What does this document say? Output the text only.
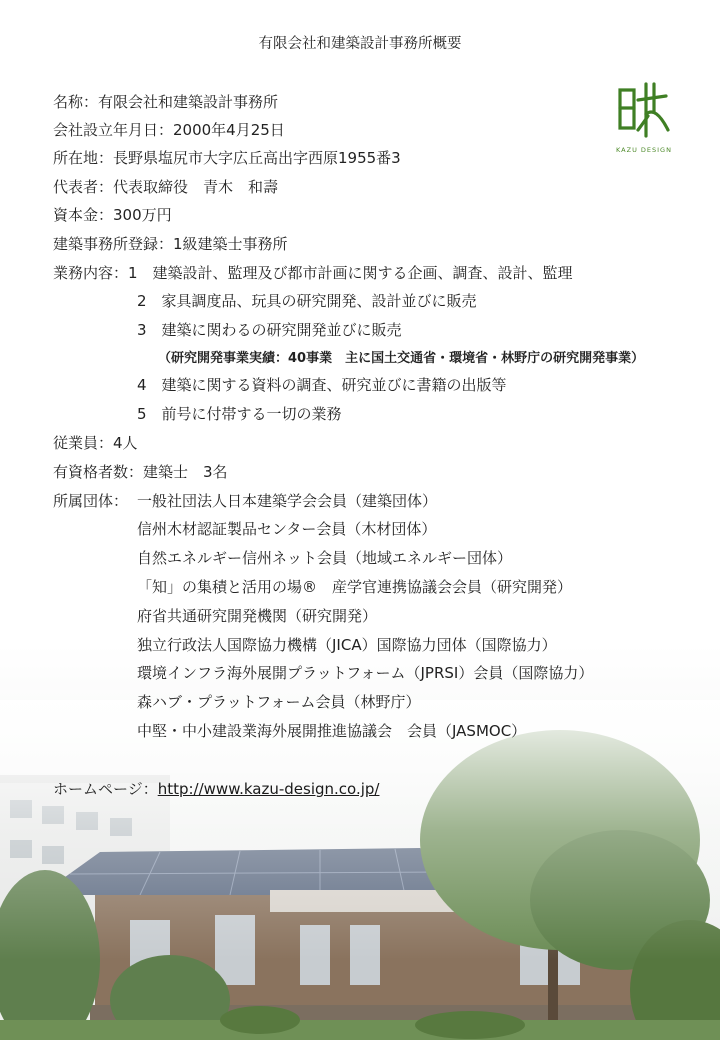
有限会社和建築設計事務所概要
KAZU DESIGN
名称：有限会社和建築設計事務所
会社設立年月日：2000年4月25日
所在地：長野県塩尻市大字広丘高出字西原1955番3
代表者：代表取締役　青木　和壽
資本金：300万円
建築事務所登録：1級建築士事務所
業務内容：1　建築設計、監理及び都市計画に関する企画、調査、設計、監理
2　家具調度品、玩具の研究開発、設計並びに販売
3　建築に関わるの研究開発並びに販売
（研究開発事業実績：40事業　主に国土交通省・環境省・林野庁の研究開発事業）
4　建築に関する資料の調査、研究並びに書籍の出版等
5　前号に付帯する一切の業務
従業員：4人
有資格者数：建築士　3名
所属団体： 一般社団法人日本建築学会会員（建築団体）
信州木材認証製品センター会員（木材団体）
自然エネルギー信州ネット会員（地域エネルギー団体）
「知」の集積と活用の場®　産学官連携協議会会員（研究開発）
府省共通研究開発機関（研究開発）
独立行政法人国際協力機構（JICA）国際協力団体（国際協力）
環境インフラ海外展開プラットフォーム（JPRSI）会員（国際協力）
森ハブ・プラットフォーム会員（林野庁）
中堅・中小建設業海外展開推進協議会　会員（JASMOC）
ホームページ：http://www.kazu-design.co.jp/
